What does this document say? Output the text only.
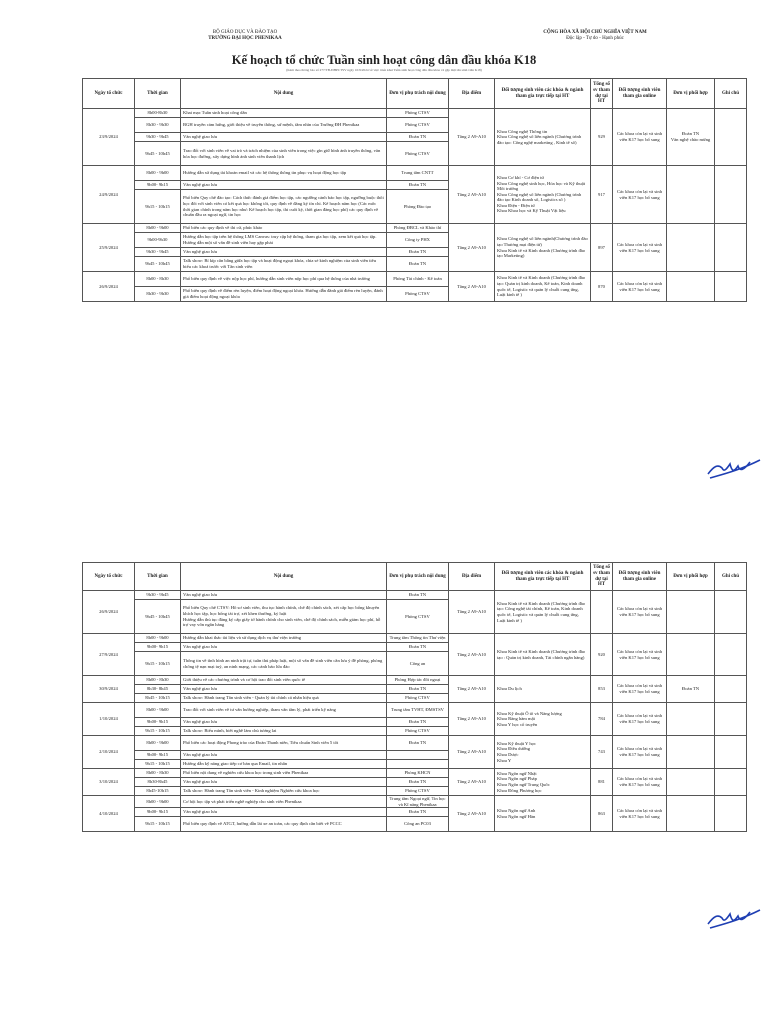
BỘ GIÁO DỤC VÀ ĐÀO TẠO
TRƯỜNG ĐẠI HỌC PHENIKAA
CỘNG HÒA XÃ HỘI CHỦ NGHĨA VIỆT NAM
Độc lập - Tự do - Hạnh phúc
Kế hoạch tổ chức Tuần sinh hoạt công dân đầu khóa K18
(Kèm theo thông báo số 277/TB-ĐHPCTSV ngày 10/9/2024 về việc triển khai Tuần sinh hoạt công dân đầu khóa và gặp mặt tân sinh viên K18)
Ngày tổ chức	Thời gian	Nội dung	Đơn vị phụ trách nội dung	Địa điểm	Đối tượng sinh viên các khóa & ngành tham gia trực tiếp tại HT	Tổng số sv tham dự tại HT	Đối tượng sinh viên tham gia online	Đơn vị phối hợp	Ghi chú
23/9/2024	8h00-8h30	Khai mạc Tuần sinh hoạt công dân	Phòng CTSV	Tầng 2 A9-A10	Khoa Công nghệ Thông tin
Khoa Công nghệ số liên ngành (Chương trình đào tạo: Công nghệ marketing , Kinh tế số)	929	Các khoa còn lại và sinh viên K17 học bổ sung	Đoàn TN
Văn nghệ chào mừng	
	8h30 - 9h30	BGH truyền cảm hứng, giới thiệu về truyền thống, sứ mệnh, tầm nhìn của Trường ĐH Phenikaa	Phòng CTSV						
	9h30 - 9h45	Văn nghệ giao lưu	Đoàn TN						
	9h45 - 10h45	Trao đổi với sinh viên về vai trò và trách nhiệm của sinh viên trong việc gìn giữ hình ảnh truyền thống, văn hóa học đường, xây dựng hình ảnh sinh viên thanh lịch	Phòng CTSV						
24/9/2024	8h00 - 9h00	Hướng dẫn sử dụng tài khoản email và các hệ thống thông tin phục vụ hoạt động học tập	Trung tâm CNTT	Tầng 2 A9-A10	Khoa Cơ khí - Cơ điện tử
Khoa Công nghệ sinh học, Hóa học và Kỹ thuật Môi trường
Khoa Công nghệ số liên ngành (Chương trình đào tạo Kinh doanh số, Logistics số )
Khoa Điện - Điện tử
Khoa Khoa học và Kỹ Thuật Vật liệu	917	Các khoa còn lại và sinh viên K17 học bổ sung		
	9h00- 9h15	Văn nghệ giao lưu	Đoàn TN						
	9h15 - 10h15	Phổ biến Quy chế đào tạo: Cách thức đánh giá điểm học tập, các ngưỡng cảnh báo học tập, ngưỡng buộc thôi học đối với sinh viên có kết quả học không tốt, quy định về đăng ký tín chỉ. Kế hoạch năm học (Các mốc thời gian chính trong năm học như: Kế hoạch học tập, thi cuối kỳ, thời gian đăng học phí) các quy định về chuẩn đầu ra ngoại ngữ, tin học	Phòng Đào tạo						
25/9/2024	8h00 - 9h00	Phổ biến các quy định về thi cử, phúc khảo	Phòng ĐBCL và Khảo thí	Tầng 2 A9-A10	Khoa Công nghệ số liên ngành(Chương trình đào tạo Thương mại điện tử)
Khoa Kinh tế và Kinh doanh (Chương trình đào tạo Marketing)	897	Các khoa còn lại và sinh viên K17 học bổ sung		
	9h00-9h30	Hướng dẫn học tập trên hệ thống LMS Canvas: truy cập hệ thống, tham gia học tập, xem kết quả học tập. Hướng dẫn một số vấn đề sinh viên hay gặp phải	Công ty PHX						
	9h30 - 9h45	Văn nghệ giao lưu	Đoàn TN						
	9h45 - 10h45	Talk show: Bí kíp cân bằng giữa học tập và hoạt động ngoại khóa, chia sẻ kinh nghiệm của sinh viên tiêu biểu các khoá trước với Tân sinh viên	Đoàn TN						
26/9/2024	8h00 - 8h30	Phổ biến quy định về việc nộp học phí, hướng dẫn sinh viên nộp học phí qua hệ thống của nhà trường	Phòng Tài chính - Kế toán	Tầng 2 A9-A10	Khoa Kinh tế và Kinh doanh (Chương trình đào tạo: Quản trị kinh doanh, Kế toán, Kinh doanh quốc tế, Logistic và quản lý chuỗi cung ứng, Luật kinh tế )	870	Các khoa còn lại và sinh viên K17 học bổ sung		
	8h30 - 9h30	Phổ biến quy định về điểm rèn luyện, điểm hoạt động ngoại khóa. Hướng dẫn đánh giá điểm rèn luyện, đánh giá điểm hoạt động ngoại khóa	Phòng CTSV						
Ngày tổ chức	Thời gian	Nội dung	Đơn vị phụ trách nội dung	Địa điểm	Đối tượng sinh viên các khóa & ngành tham gia trực tiếp tại HT	Tổng số sv tham dự tại HT	Đối tượng sinh viên tham gia online	Đơn vị phối hợp	Ghi chú
26/9/2024	9h30 - 9h45	Văn nghệ giao lưu	Đoàn TN	Tầng 2 A9-A10	Khoa Kinh tế và Kinh doanh (Chương trình đào tạo: Công nghệ tài chính, Kế toán, Kinh doanh quốc tế, Logistic và quản lý chuỗi cung ứng, Luật kinh tế )		Các khoa còn lại và sinh viên K17 học bổ sung		
	9h45 - 10h45	Phổ biến Quy chế CTSV: Hồ sơ sinh viên, thu tục hành chính, chế độ chính sách, xét cấp học bổng khuyến khích học tập, học bổng tài trợ, xét khen thưởng, kỷ luật
Hướng dẫn thủ tục đăng ký cấp giấy tờ hành chính cho sinh viên, chế độ chính sách, miễn giảm học phí, hỗ trợ vay vốn ngân hàng	Phòng CTSV						
27/9/2024	8h00 - 9h00	Hướng dẫn khai thác tài liệu và sử dụng dịch vụ thư viện trường	Trung tâm Thông tin Thư viện	Tầng 2 A9-A10	Khoa Kinh tế và Kinh doanh (Chương trình đào tạo : Quản trị kinh doanh, Tài chính ngân hàng)	920	Các khoa còn lại và sinh viên K17 học bổ sung		
	9h00- 9h15	Văn nghệ giao lưu	Đoàn TN						
	9h15 - 10h15	Thông tin về tình hình an ninh trật tự, tuần thủ pháp luật, một số vấn đề sinh viên cần lưu ý đề phòng, phòng chống tệ nạn mại tuý, an ninh mạng, các cảnh báo lừa đảo	Công an						
30/9/2024	8h00 - 8h30	Giới thiệu về các chương trình và cơ hội trao đổi sinh viên quốc tế	Phòng Hợp tác đối ngoại	Tầng 2 A9-A10	Khoa Du lịch	853	Các khoa còn lại và sinh viên K17 học bổ sung	Đoàn TN	
	8h30- 8h45	Văn nghệ giao lưu	Đoàn TN						
	8h45 - 10h15	Talk show: Hành trang Tân sinh viên - Quản lý tài chính cá nhân hiệu quả	Phòng CTSV						
1/10/2024	8h00 - 9h00	Trao đổi với sinh viên về tư vấn hướng nghiệp, tham vấn tâm lý, phát triển kỹ năng	Trung tâm TVHT, ĐMSTSV	Tầng 2 A9-A10	Khoa Kỹ thuật Ô tô và Năng lượng
Khoa Răng hàm mặt
Khoa Y học cổ truyền	784	Các khoa còn lại và sinh viên K17 học bổ sung		
	9h00- 9h15	Văn nghệ giao lưu	Đoàn TN						
	9h15 - 10h15	Talk show: Biểu mình, biết nghề làm chủ tương lai	Phòng CTSV						
2/10/2024	8h00 - 9h00	Phổ biến các hoạt động Phong trào của Đoàn Thanh niên, Tiêu chuẩn Sinh viên 5 tốt	Đoàn TN	Tầng 2 A9-A10	Khoa Kỹ thuật Y học
Khoa Điều dưỡng
Khoa Dược
Khoa Y	743	Các khoa còn lại và sinh viên K17 học bổ sung		
	9h00- 9h15	Văn nghệ giao lưu							
	9h15 - 10h15	Hướng dẫn kỹ năng giao tiếp cơ bản qua Email, tin nhắn							
3/10/2024	8h00 - 8h30	Phổ biến nội dung về nghiên cứu khoa học trong sinh viên Phenikaa	Phòng KHCN	Tầng 2 A9-A10	Khoa Ngôn ngữ Nhật
Khoa Ngôn ngữ Pháp
Khoa Ngôn ngữ Trung Quốc
Khoa Đông Phương học	881	Các khoa còn lại và sinh viên K17 học bổ sung		
	8h30-8h45	Văn nghệ giao lưu	Đoàn TN						
	8h45-10h15	Talk show: Hành trang Tân sinh viên - Kinh nghiệm Nghiên cứu khoa học	Phòng CTSV						
4/10/2024	8h00 - 9h00	Cơ hội học tập và phát triển nghề nghiệp cho sinh viên Phenikaa	Trung tâm Ngoại ngữ, Tin học và Kĩ năng Phenikaa	Tầng 2 A9-A10	Khoa Ngôn ngữ Anh
Khoa Ngôn ngữ Hàn	863	Các khoa còn lại và sinh viên K17 học bổ sung		
	9h00- 9h15	Văn nghệ giao lưu	Đoàn TN						
	9h15 - 10h15	Phổ biến quy định về ATGT, hướng dẫn lái xe an toàn, các quy định cần biết về PCCC	Công an PC03						
